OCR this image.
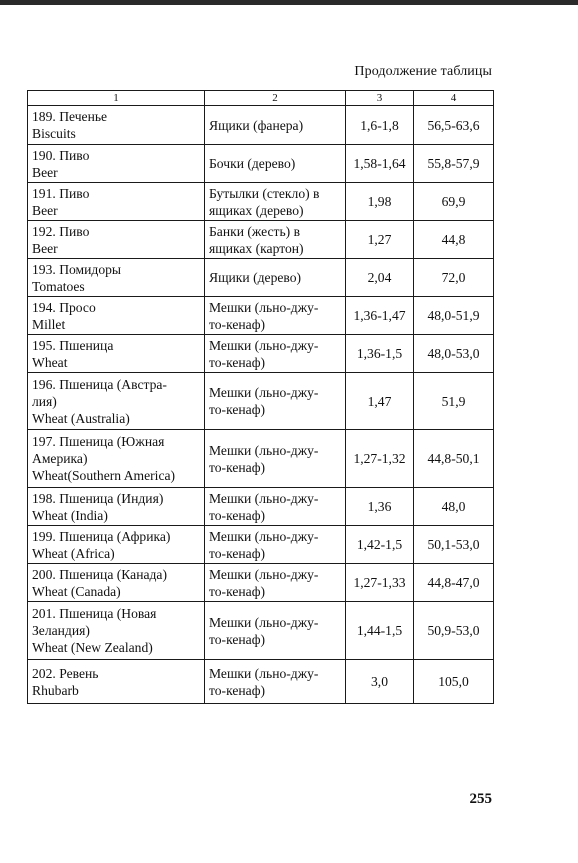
Продолжение таблицы
1	2	3	4

189. Печенье
Biscuits	Ящики (фанера)	1,6-1,8	56,5-63,6

190. Пиво
Beer	Бочки (дерево)	1,58-1,64	55,8-57,9

191. Пиво
Beer	Бутылки (стекло) в
ящиках (дерево)	1,98	69,9

192. Пиво
Beer	Банки (жесть) в
ящиках (картон)	1,27	44,8

193. Помидоры
Tomatoes	Ящики (дерево)	2,04	72,0

194. Просо
Millet	Мешки (льно-джу-
то-кенаф)	1,36-1,47	48,0-51,9

195. Пшеница
Wheat	Мешки (льно-джу-
то-кенаф)	1,36-1,5	48,0-53,0

196. Пшеница (Австра-
лия)
Wheat (Australia)	Мешки (льно-джу-
то-кенаф)	1,47	51,9

197. Пшеница (Южная
Америка)
Wheat(Southern America)	Мешки (льно-джу-
то-кенаф)	1,27-1,32	44,8-50,1

198. Пшеница (Индия)
Wheat (India)	Мешки (льно-джу-
то-кенаф)	1,36	48,0

199. Пшеница (Африка)
Wheat (Africa)	Мешки (льно-джу-
то-кенаф)	1,42-1,5	50,1-53,0

200. Пшеница (Канада)
Wheat (Canada)	Мешки (льно-джу-
то-кенаф)	1,27-1,33	44,8-47,0

201. Пшеница (Новая
Зеландия)
Wheat (New Zealand)	Мешки (льно-джу-
то-кенаф)	1,44-1,5	50,9-53,0

202. Ревень
Rhubarb	Мешки (льно-джу-
то-кенаф)	3,0	105,0
255
